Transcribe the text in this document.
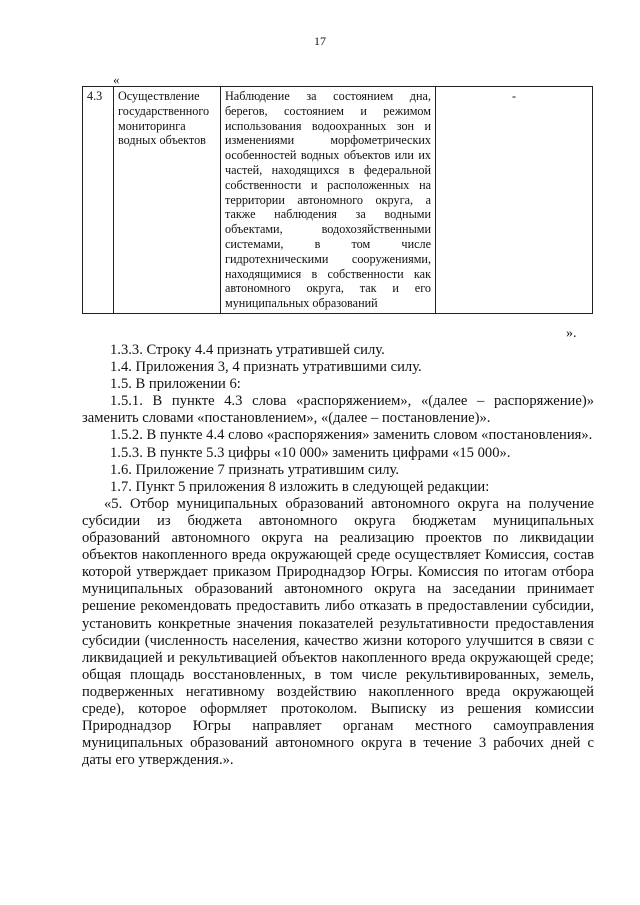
17
«
4.3	Осуществление государственного мониторинга водных объектов	Наблюдение за состоянием дна, берегов, состоянием и режимом использования водоохранных зон и изменениями морфометрических особенностей водных объектов или их частей, находящихся в федеральной собственности и расположенных на территории автономного округа, а также наблюдения за водными объектами, водохозяйственными системами, в том числе гидротехническими сооружениями, находящимися в собственности как автономного округа, так и его муниципальных образований	-
».

1.3.3. Строку 4.4 признать утратившей силу.

1.4. Приложения 3, 4 признать утратившими силу.

1.5. В приложении 6:

1.5.1. В пункте 4.3 слова «распоряжением», «(далее – распоряжение)» заменить словами «постановлением», «(далее – постановление)».

1.5.2. В пункте 4.4 слово «распоряжения» заменить словом «постановления».

1.5.3. В пункте 5.3 цифры «10 000» заменить цифрами «15 000».

1.6. Приложение 7 признать утратившим силу.

1.7. Пункт 5 приложения 8 изложить в следующей редакции:

«5. Отбор муниципальных образований автономного округа на получение субсидии из бюджета автономного округа бюджетам муниципальных образований автономного округа на реализацию проектов по ликвидации объектов накопленного вреда окружающей среде осуществляет Комиссия, состав которой утверждает приказом Природнадзор Югры. Комиссия по итогам отбора муниципальных образований автономного округа на заседании принимает решение рекомендовать предоставить либо отказать в предоставлении субсидии, установить конкретные значения показателей результативности предоставления субсидии (численность населения, качество жизни которого улучшится в связи с ликвидацией и рекультивацией объектов накопленного вреда окружающей среде; общая площадь восстановленных, в том числе рекультивированных, земель, подверженных негативному воздействию накопленного вреда окружающей среде), которое оформляет протоколом. Выписку из решения комиссии Природнадзор Югры направляет органам местного самоуправления муниципальных образований автономного округа в течение 3 рабочих дней с даты его утверждения.».
